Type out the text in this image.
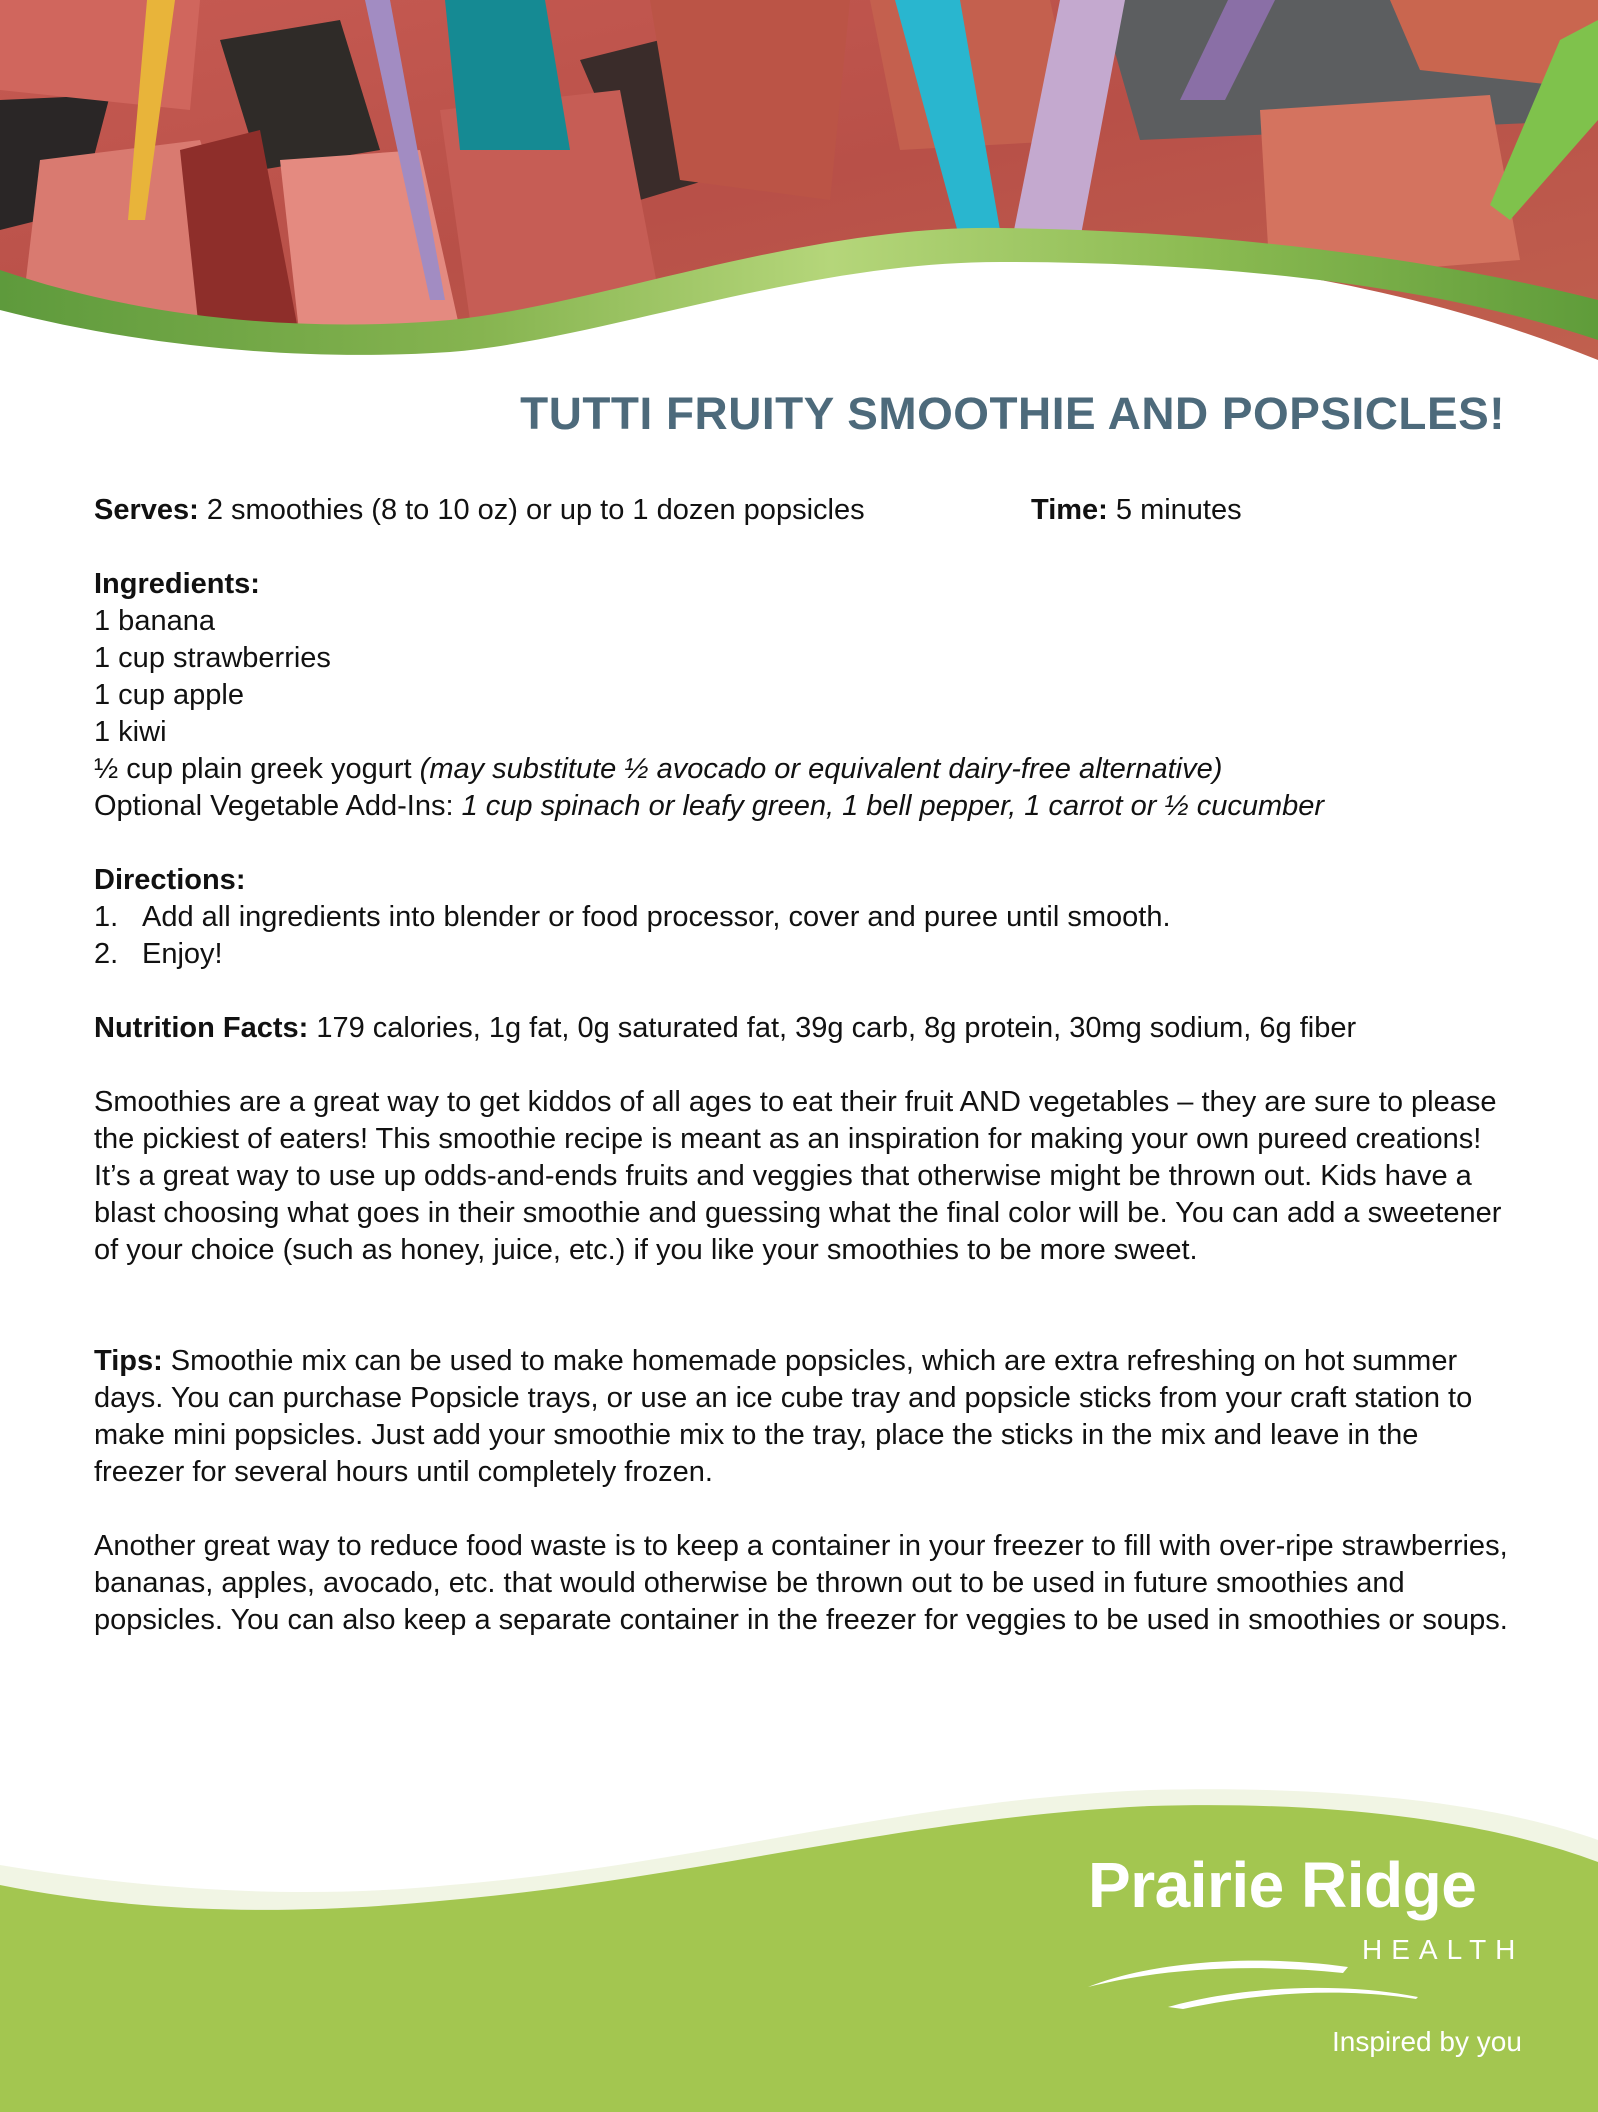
TUTTI FRUITY SMOOTHIE AND POPSICLES!
Serves: 2 smoothies (8 to 10 oz) or up to 1 dozen popsicles	Time: 5 minutes
Ingredients:
1 banana
1 cup strawberries
1 cup apple
1 kiwi
½ cup plain greek yogurt (may substitute ½ avocado or equivalent dairy-free alternative)
Optional Vegetable Add-Ins: 1 cup spinach or leafy green, 1 bell pepper, 1 carrot or ½ cucumber
Directions:
1. Add all ingredients into blender or food processor, cover and puree until smooth.
2. Enjoy!
Nutrition Facts: 179 calories, 1g fat, 0g saturated fat, 39g carb, 8g protein, 30mg sodium, 6g fiber
Smoothies are a great way to get kiddos of all ages to eat their fruit AND vegetables – they are sure to please the pickiest of eaters! This smoothie recipe is meant as an inspiration for making your own pureed creations! It’s a great way to use up odds-and-ends fruits and veggies that otherwise might be thrown out. Kids have a blast choosing what goes in their smoothie and guessing what the final color will be. You can add a sweetener of your choice (such as honey, juice, etc.) if you like your smoothies to be more sweet.
Tips: Smoothie mix can be used to make homemade popsicles, which are extra refreshing on hot summer days. You can purchase Popsicle trays, or use an ice cube tray and popsicle sticks from your craft station to make mini popsicles. Just add your smoothie mix to the tray, place the sticks in the mix and leave in the freezer for several hours until completely frozen.
Another great way to reduce food waste is to keep a container in your freezer to fill with over-ripe strawberries, bananas, apples, avocado, etc. that would otherwise be thrown out to be used in future smoothies and popsicles. You can also keep a separate container in the freezer for veggies to be used in smoothies or soups.
Prairie Ridge
HEALTH
Inspired by you
